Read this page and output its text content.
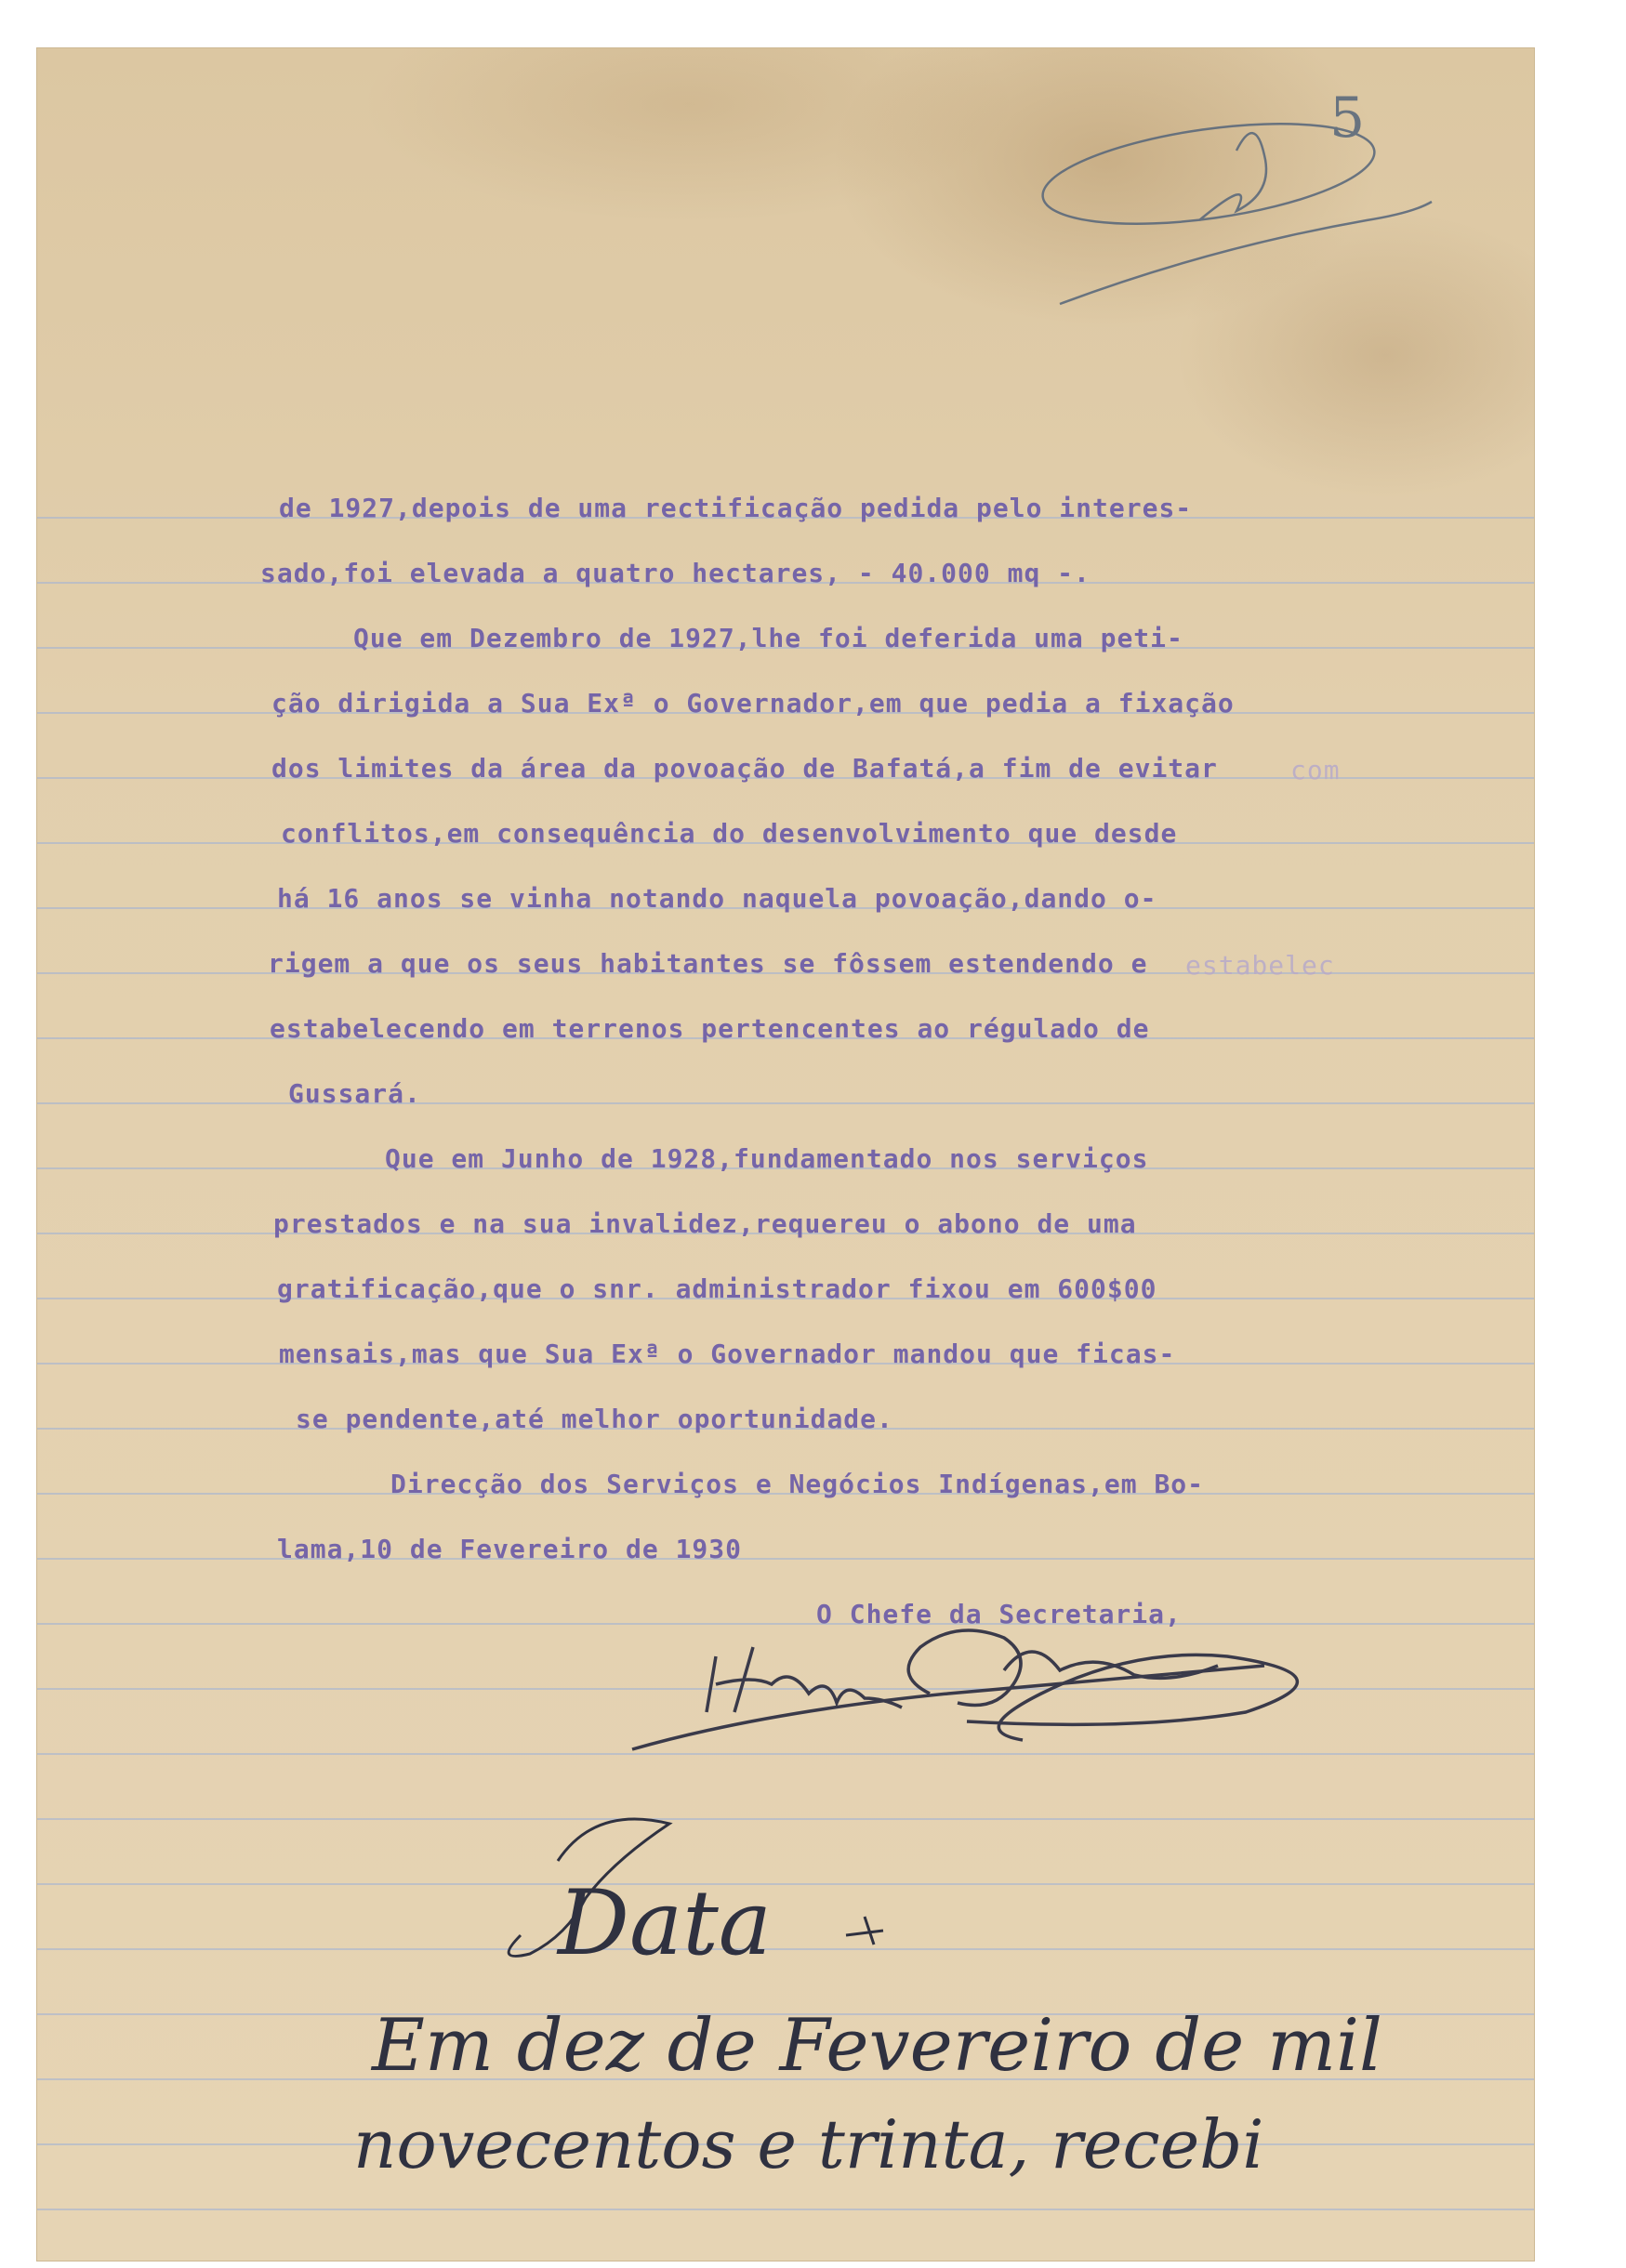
de 1927,depois de uma rectificação pedida pelo interes-
sado,foi elevada a quatro hectares, - 40.000 mq -.
Que em Dezembro de 1927,lhe foi deferida uma peti-
ção dirigida a Sua Exª o Governador,em que pedia a fixação
dos limites da área da povoação de Bafatá,a fim de evitar	com
conflitos,em consequência do desenvolvimento que desde
há 16 anos se vinha notando naquela povoação,dando o-
rigem a que os seus habitantes se fôssem estendendo e estabelec
estabelecendo em terrenos pertencentes ao régulado de
Gussará.
Que em Junho de 1928,fundamentado nos serviços
prestados e na sua invalidez,requereu o abono de uma
gratificação,que o snr. administrador fixou em 600$00
mensais,mas que Sua Exª o Governador mandou que ficas-
se pendente,até melhor oportunidade.
Direcção dos Serviços e Negócios Indígenas,em Bo-
lama,10 de Fevereiro de 1930
O Chefe da Secretaria,
5
Data
Em dez de Fevereiro de mil
novecentos e trinta, recebi
